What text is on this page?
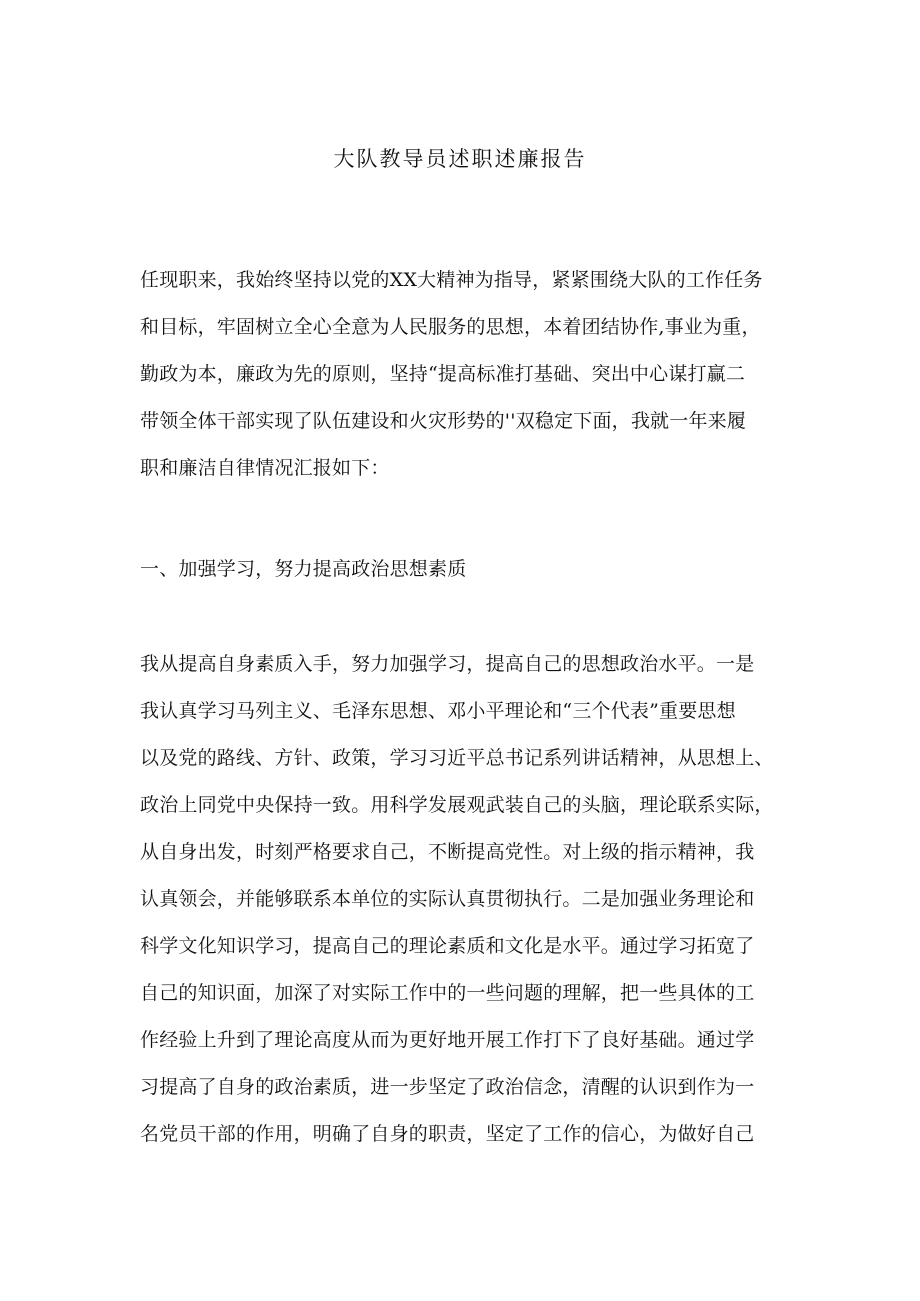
大队教导员述职述廉报告
任现职来，我始终坚持以党的XX大精神为指导，紧紧围绕大队的工作任务
和目标，牢固树立全心全意为人民服务的思想，本着团结协作,事业为重，
勤政为本，廉政为先的原则，坚持“提高标准打基础、突出中心谋打赢二
带领全体干部实现了队伍建设和火灾形势的''双稳定下面，我就一年来履
职和廉洁自律情况汇报如下：
一、加强学习，努力提高政治思想素质
我从提高自身素质入手，努力加强学习，提高自己的思想政治水平。一是
我认真学习马列主义、毛泽东思想、邓小平理论和“三个代表”重要思想
以及党的路线、方针、政策，学习习近平总书记系列讲话精神，从思想上、
政治上同党中央保持一致。用科学发展观武装自己的头脑，理论联系实际，
从自身出发，时刻严格要求自己，不断提高党性。对上级的指示精神，我
认真领会，并能够联系本单位的实际认真贯彻执行。二是加强业务理论和
科学文化知识学习，提高自己的理论素质和文化是水平。通过学习拓宽了
自己的知识面，加深了对实际工作中的一些问题的理解，把一些具体的工
作经验上升到了理论高度从而为更好地开展工作打下了良好基础。通过学
习提高了自身的政治素质，进一步坚定了政治信念，清醒的认识到作为一
名党员干部的作用，明确了自身的职责，坚定了工作的信心，为做好自己
